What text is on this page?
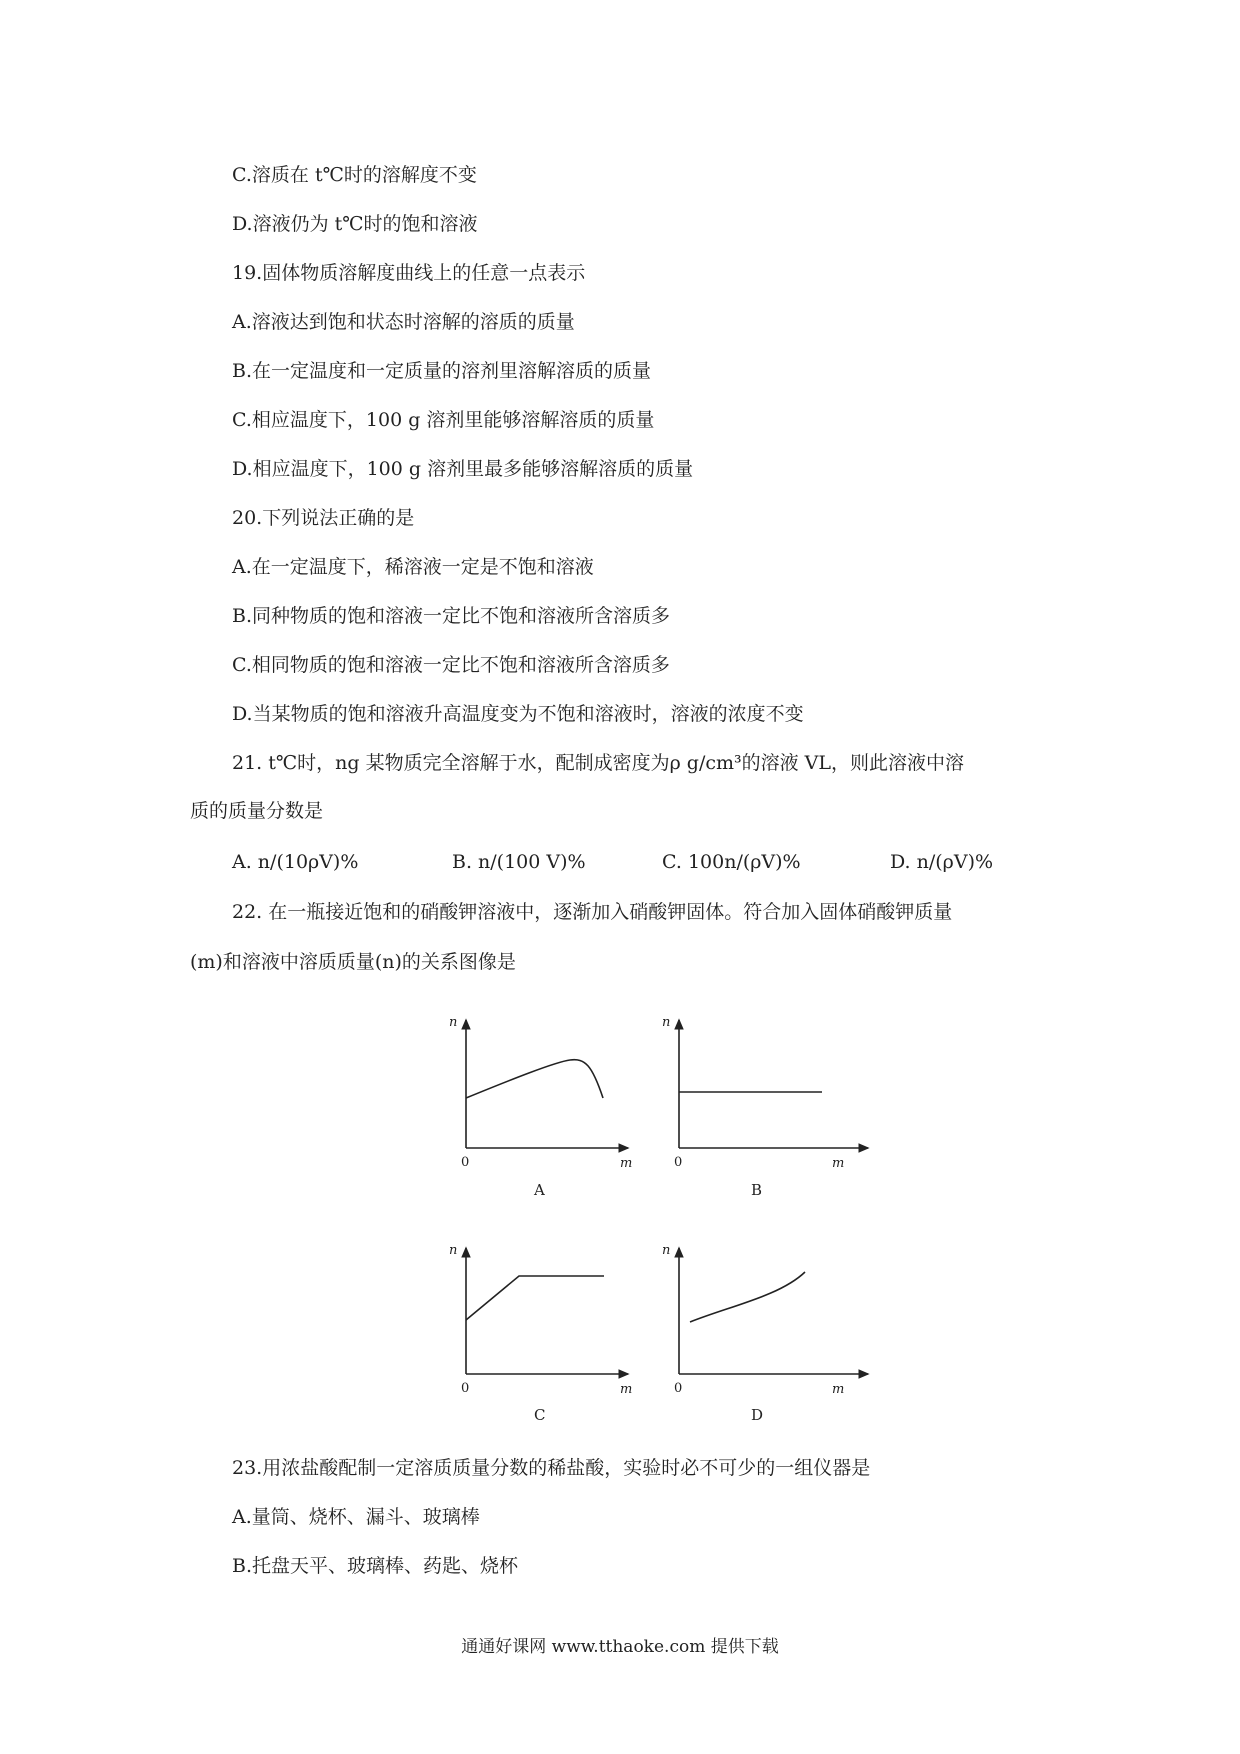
C.溶质在 t℃时的溶解度不变
D.溶液仍为 t℃时的饱和溶液
19.固体物质溶解度曲线上的任意一点表示
A.溶液达到饱和状态时溶解的溶质的质量
B.在一定温度和一定质量的溶剂里溶解溶质的质量
C.相应温度下，100 g 溶剂里能够溶解溶质的质量
D.相应温度下，100 g 溶剂里最多能够溶解溶质的质量
20.下列说法正确的是
A.在一定温度下，稀溶液一定是不饱和溶液
B.同种物质的饱和溶液一定比不饱和溶液所含溶质多
C.相同物质的饱和溶液一定比不饱和溶液所含溶质多
D.当某物质的饱和溶液升高温度变为不饱和溶液时，溶液的浓度不变
21. t℃时，ng 某物质完全溶解于水，配制成密度为ρ g/cm³的溶液 VL，则此溶液中溶
质的质量分数是
A. n/(10ρV)%	B. n/(100 V)%	C. 100n/(ρV)%	D. n/(ρV)%
22. 在一瓶接近饱和的硝酸钾溶液中，逐渐加入硝酸钾固体。符合加入固体硝酸钾质量
(m)和溶液中溶质质量(n)的关系图像是
n
m
0
A
n
m
0
B
n
m
0
C
n
m
0
D
23.用浓盐酸配制一定溶质质量分数的稀盐酸，实验时必不可少的一组仪器是
A.量筒、烧杯、漏斗、玻璃棒
B.托盘天平、玻璃棒、药匙、烧杯
通通好课网 www.tthaoke.com 提供下载
